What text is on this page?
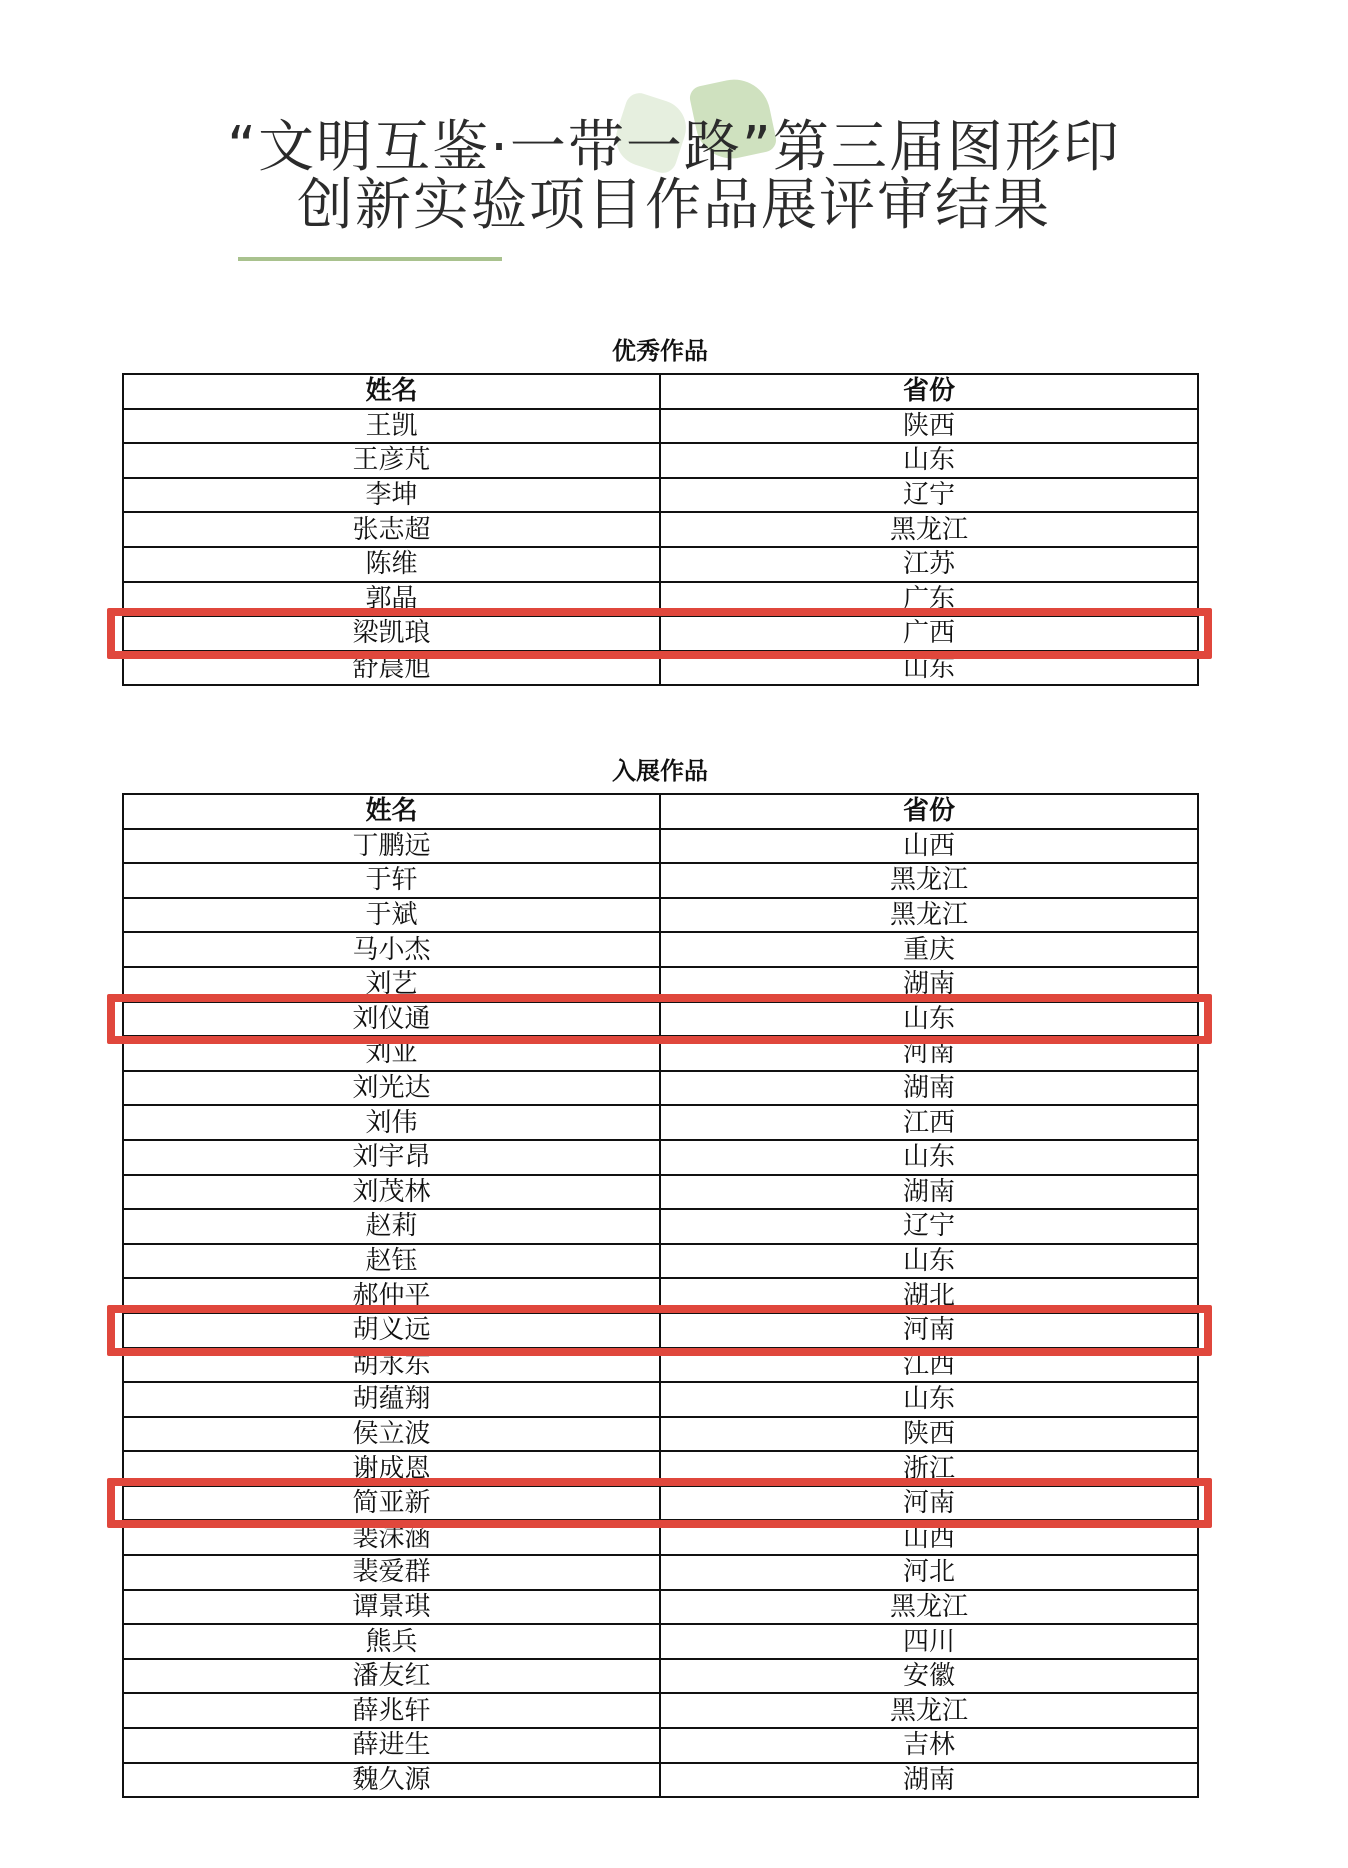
“文明互鉴·一带一路”第三届图形印
创新实验项目作品展评审结果
优秀作品
姓名	省份
王凯	陕西
王彦芃	山东
李坤	辽宁
张志超	黑龙江
陈维	江苏
郭晶	广东
梁凯琅	广西
舒晨旭	山东
入展作品
姓名	省份
丁鹏远	山西
于轩	黑龙江
于斌	黑龙江
马小杰	重庆
刘艺	湖南
刘仪通	山东
刘亚	河南
刘光达	湖南
刘伟	江西
刘宇昂	山东
刘茂林	湖南
赵莉	辽宁
赵钰	山东
郝仲平	湖北
胡义远	河南
胡永东	江西
胡蕴翔	山东
侯立波	陕西
谢成恩	浙江
简亚新	河南
裴沫涵	山西
裴爱群	河北
谭景琪	黑龙江
熊兵	四川
潘友红	安徽
薛兆轩	黑龙江
薛进生	吉林
魏久源	湖南
